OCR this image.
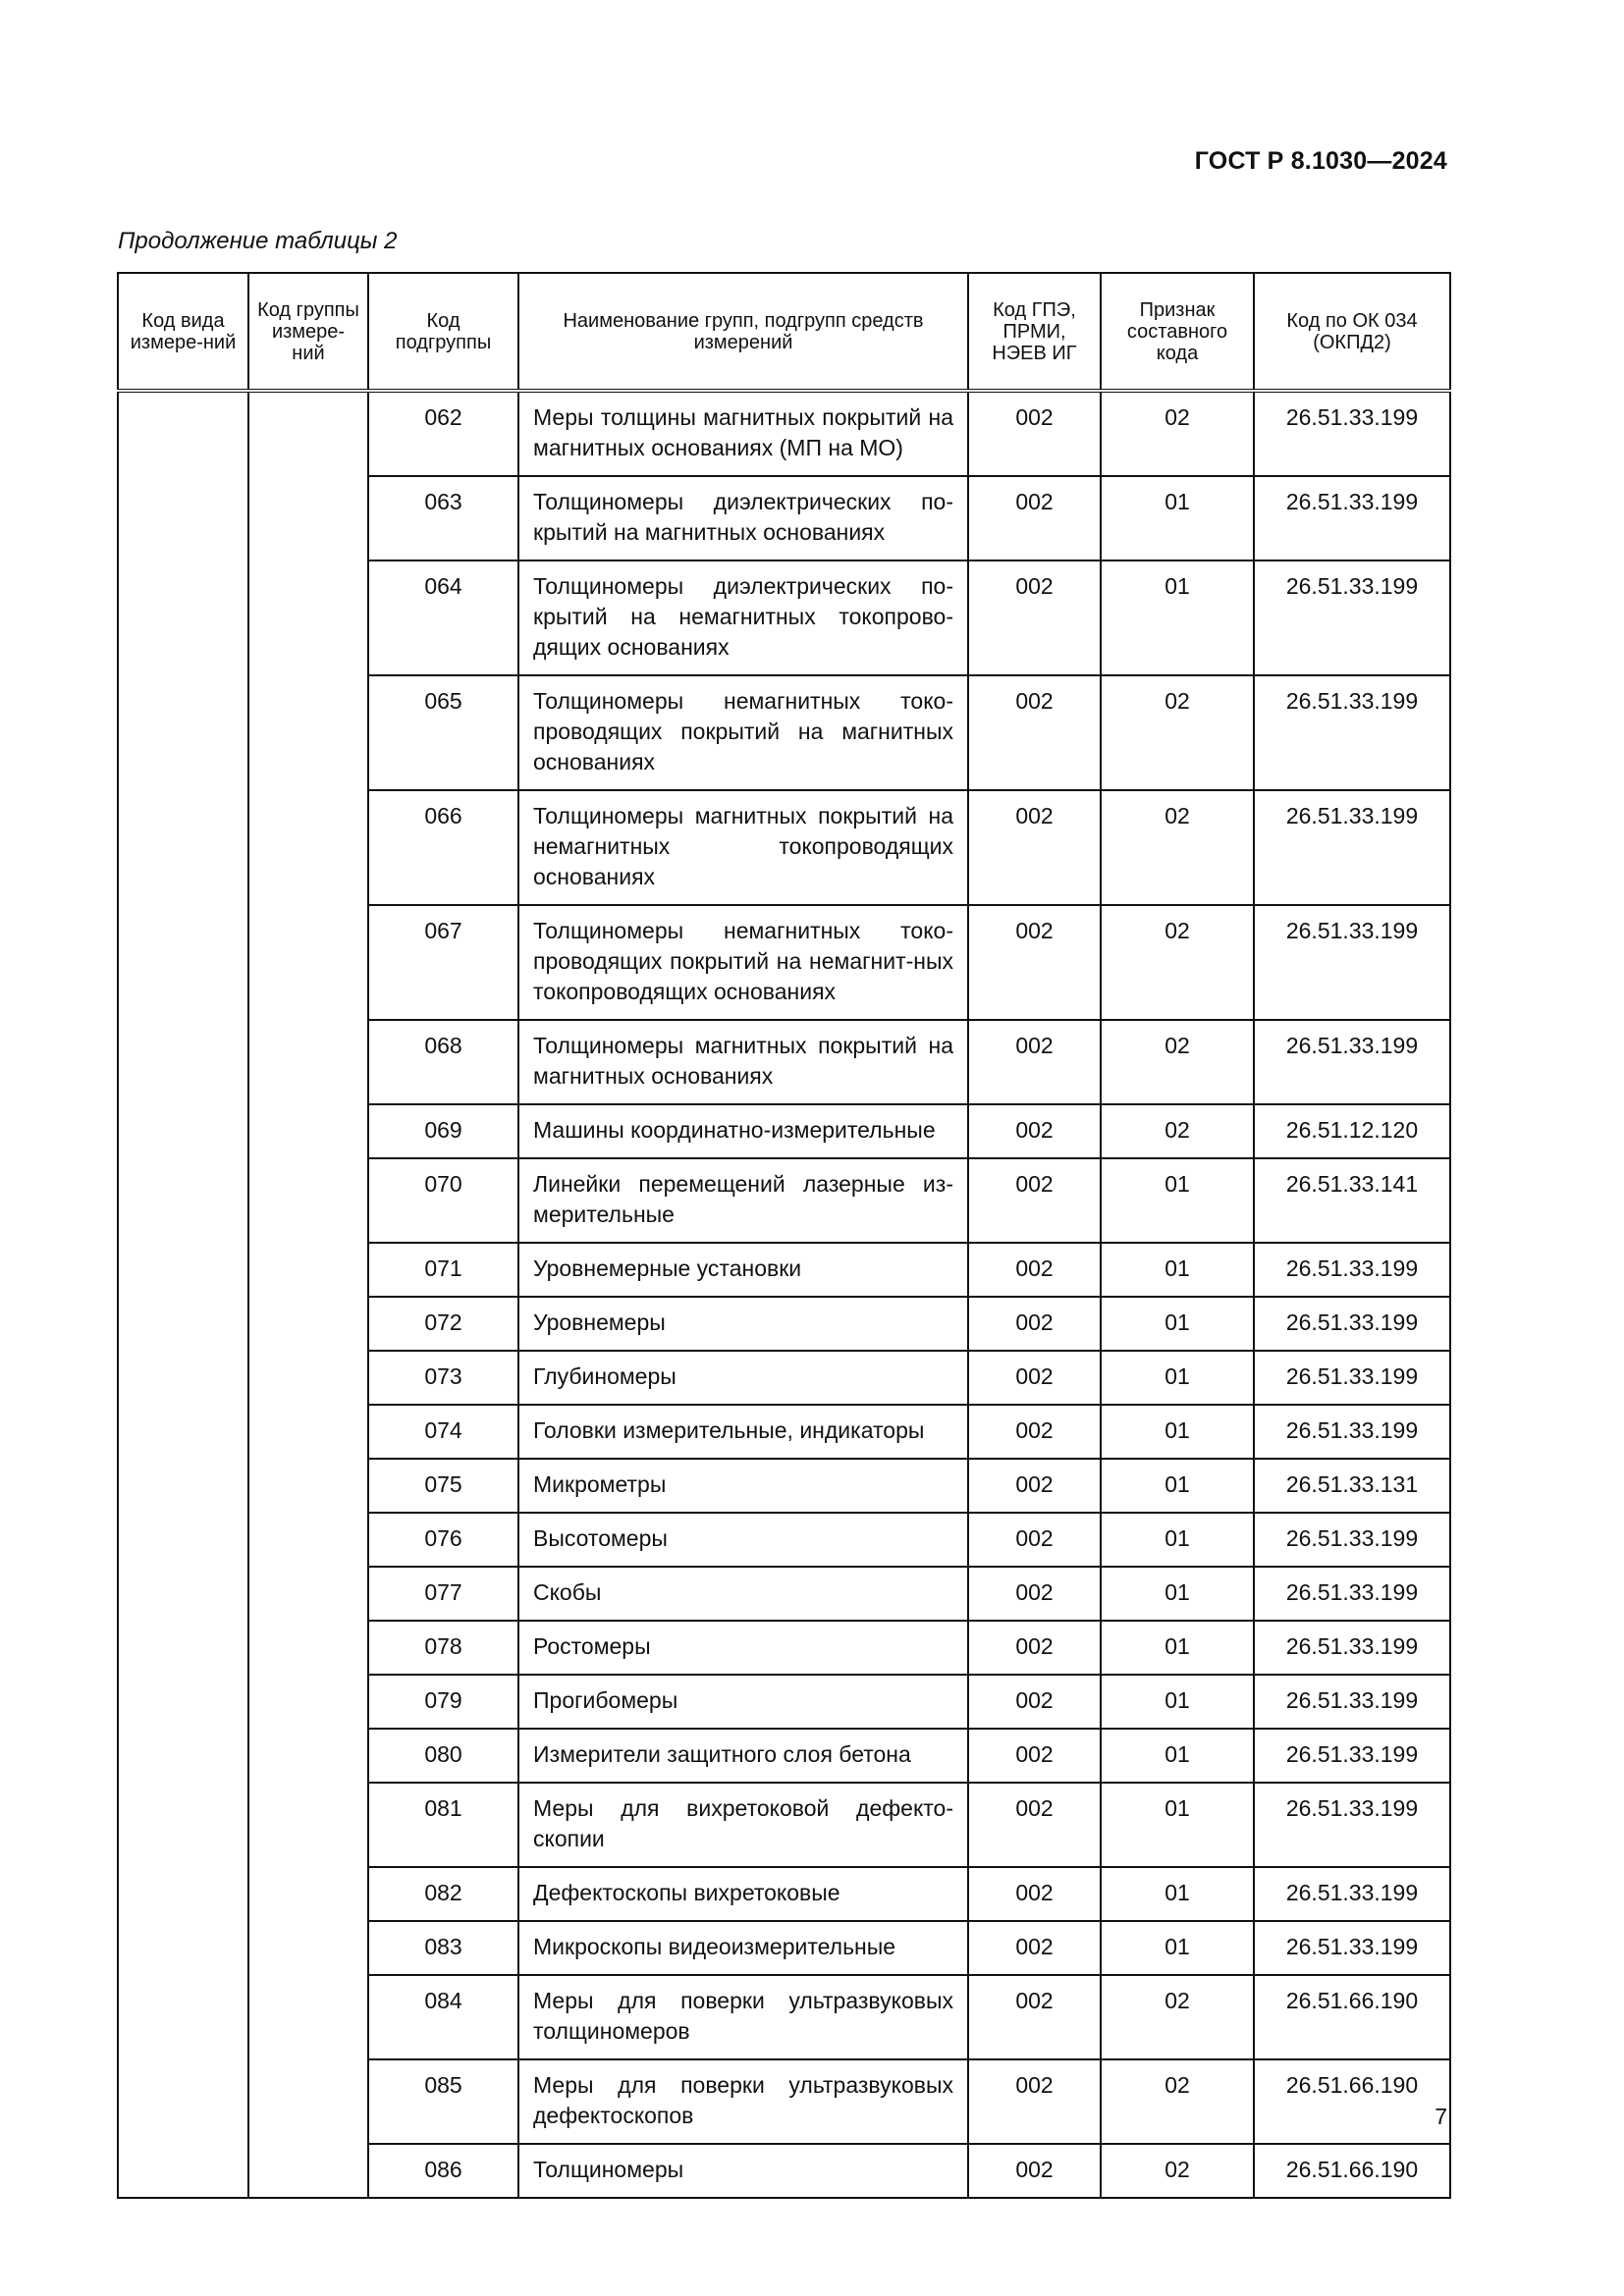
ГОСТ Р 8.1030—2024
Продолжение таблицы 2
Код вида измере-ний	Код группы измере-ний	Код подгруппы	Наименование групп, подгрупп средств измерений	Код ГПЭ, ПРМИ, НЭЕВ ИГ	Признак составного кода	Код по ОК 034 (ОКПД2)
		062	Меры толщины магнитных покрытий на магнитных основаниях (МП на МО)	002	02	26.51.33.199
		063	Толщиномеры диэлектрических по-крытий на магнитных основаниях	002	01	26.51.33.199
		064	Толщиномеры диэлектрических по-крытий на немагнитных токопрово-дящих основаниях	002	01	26.51.33.199
		065	Толщиномеры немагнитных токо-проводящих покрытий на магнитных основаниях	002	02	26.51.33.199
		066	Толщиномеры магнитных покрытий на немагнитных токопроводящих основаниях	002	02	26.51.33.199
		067	Толщиномеры немагнитных токо-проводящих покрытий на немагнит-ных токопроводящих основаниях	002	02	26.51.33.199
		068	Толщиномеры магнитных покрытий на магнитных основаниях	002	02	26.51.33.199
		069	Машины координатно-измерительные	002	02	26.51.12.120
		070	Линейки перемещений лазерные из-мерительные	002	01	26.51.33.141
		071	Уровнемерные установки	002	01	26.51.33.199
		072	Уровнемеры	002	01	26.51.33.199
		073	Глубиномеры	002	01	26.51.33.199
		074	Головки измерительные, индикаторы	002	01	26.51.33.199
		075	Микрометры	002	01	26.51.33.131
		076	Высотомеры	002	01	26.51.33.199
		077	Скобы	002	01	26.51.33.199
		078	Ростомеры	002	01	26.51.33.199
		079	Прогибомеры	002	01	26.51.33.199
		080	Измерители защитного слоя бетона	002	01	26.51.33.199
		081	Меры для вихретоковой дефекто-скопии	002	01	26.51.33.199
		082	Дефектоскопы вихретоковые	002	01	26.51.33.199
		083	Микроскопы видеоизмерительные	002	01	26.51.33.199
		084	Меры для поверки ультразвуковых толщиномеров	002	02	26.51.66.190
		085	Меры для поверки ультразвуковых дефектоскопов	002	02	26.51.66.190
		086	Толщиномеры	002	02	26.51.66.190
7
